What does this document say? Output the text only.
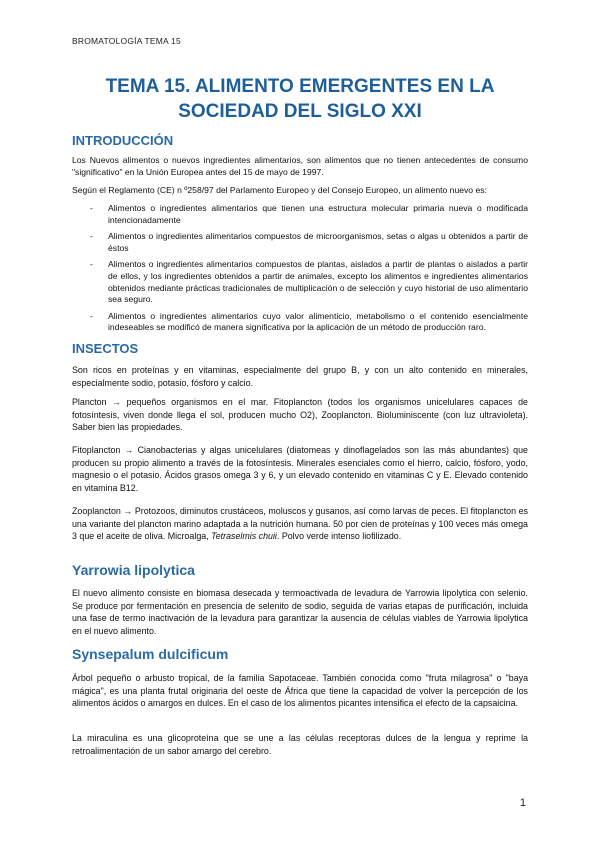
BROMATOLOGÍA TEMA 15
TEMA 15. ALIMENTO EMERGENTES EN LA
SOCIEDAD DEL SIGLO XXI
INTRODUCCIÓN

Los Nuevos alimentos o nuevos ingredientes alimentarios, son alimentos que no tienen antecedentes de consumo "significativo" en la Unión Europea antes del 15 de mayo de 1997.

Según el Reglamento (CE) n º258/97 del Parlamento Europeo y del Consejo Europeo, un alimento nuevo es:

- Alimentos o ingredientes alimentarios que tienen una estructura molecular primaria nueva o modificada intencionadamente
- Alimentos o ingredientes alimentarios compuestos de microorganismos, setas o algas u obtenidos a partir de éstos
- Alimentos o ingredientes alimentarios compuestos de plantas, aislados a partir de plantas o aislados a partir de ellos, y los ingredientes obtenidos a partir de animales, excepto los alimentos e ingredientes alimentarios obtenidos mediante prácticas tradicionales de multiplicación o de selección y cuyo historial de uso alimentario sea seguro.
- Alimentos o ingredientes alimentarios cuyo valor alimenticio, metabolismo o el contenido esencialmente indeseables se modificó de manera significativa por la aplicación de un método de producción raro.
INSECTOS

Son ricos en proteínas y en vitaminas, especialmente del grupo B, y con un alto contenido en minerales, especialmente sodio, potasio, fósforo y calcio.

Plancton → pequeños organismos en el mar. Fitoplancton (todos los organismos unicelulares capaces de fotosíntesis, viven donde llega el sol, producen mucho O2), Zooplancton. Bioluminiscente (con luz ultravioleta). Saber bien las propiedades.

Fitoplancton → Cianobacterias y algas unicelulares (diatomeas y dinoflagelados son las más abundantes) que producen su propio alimento a través de la fotosíntesis. Minerales esenciales como el hierro, calcio, fósforo, yodo, magnesio o el potasio. Ácidos grasos omega 3 y 6, y un elevado contenido en vitaminas C y E. Elevado contenido en vitamina B12.

Zooplancton → Protozoos, diminutos crustáceos, moluscos y gusanos, así como larvas de peces. El fitoplancton es una variante del plancton marino adaptada a la nutrición humana. 50 por cien de proteínas y 100 veces más omega 3 que el aceite de oliva. Microalga, Tetraselmis chuii. Polvo verde intenso liofilizado.

Yarrowia lipolytica

El nuevo alimento consiste en biomasa desecada y termoactivada de levadura de Yarrowia lipolytica con selenio. Se produce por fermentación en presencia de selenito de sodio, seguida de varias etapas de purificación, incluida una fase de termo inactivación de la levadura para garantizar la ausencia de células viables de Yarrowia lipolytica en el nuevo alimento.

Synsepalum dulcificum

Árbol pequeño o arbusto tropical, de la familia Sapotaceae. También conocida como "fruta milagrosa" o "baya mágica", es una planta frutal originaria del oeste de África que tiene la capacidad de volver la percepción de los alimentos ácidos o amargos en dulces. En el caso de los alimentos picantes intensifica el efecto de la capsaicina.

La miraculina es una glicoproteína que se une a las células receptoras dulces de la lengua y reprime la retroalimentación de un sabor amargo del cerebro.

1
